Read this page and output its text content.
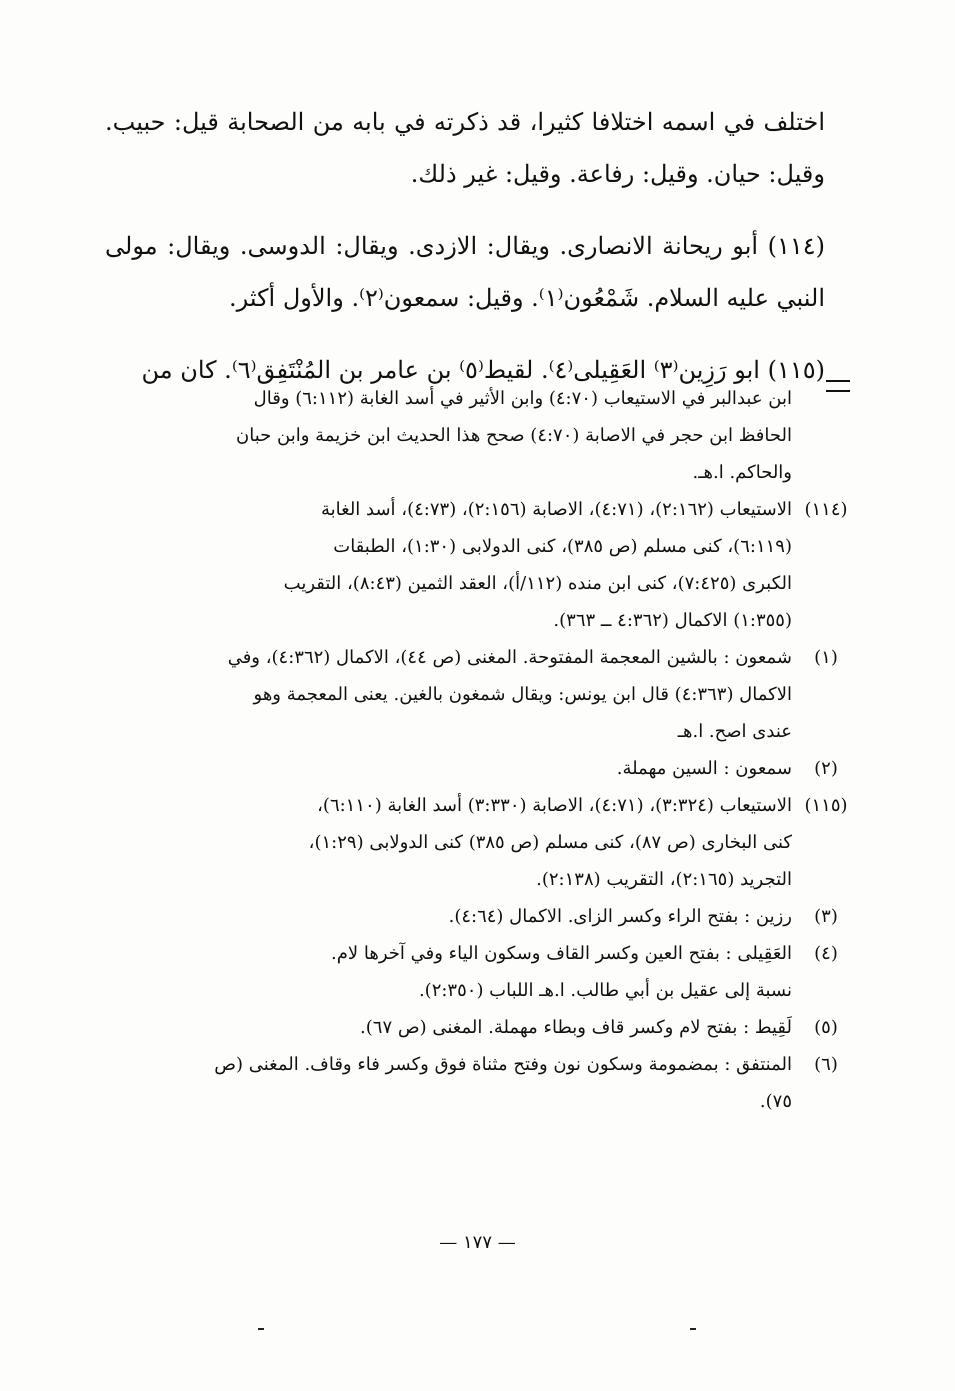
اختلف في اسمه اختلافا كثيرا، قد ذكرته في بابه من الصحابة قيل: حبيب. وقيل: حيان. وقيل: رفاعة. وقيل: غير ذلك.

(١١٤) أبو ريحانة الانصارى. ويقال: الازدى. ويقال: الدوسى. ويقال: مولى النبي عليه السلام. شَمْعُون⁽١⁾. وقيل: سمعون⁽٢⁾. والأول أكثر.

(١١٥) ابو رَزِين⁽٣⁾ العَقِيلى⁽٤⁾. لقيط⁽٥⁾ بن عامر بن المُنْتَفِق⁽٦⁾. كان من

ابن عبدالبر في الاستيعاب (٤:٧٠) وابن الأثير في أسد الغابة (٦:١١٢) وقال
الحافظ ابن حجر في الاصابة (٤:٧٠) صحح هذا الحديث ابن خزيمة وابن حبان
والحاكم. ا.هـ.
(١١٤)
الاستيعاب (٢:١٦٢)، (٤:٧١)، الاصابة (٢:١٥٦)، (٤:٧٣)، أسد الغابة
(٦:١١٩)، كنى مسلم (ص ٣٨٥)، كنى الدولابى (١:٣٠)، الطبقات
الكبرى (٧:٤٢٥)، كنى ابن منده (١١٢/أ)، العقد الثمين (٨:٤٣)، التقريب
(١:٣٥٥) الاكمال (٤:٣٦٢ ــ ٣٦٣).
(١)
شمعون : بالشين المعجمة المفتوحة. المغنى (ص ٤٤)، الاكمال (٤:٣٦٢)، وفي
الاكمال (٤:٣٦٣) قال ابن يونس: ويقال شمغون بالغين. يعنى المعجمة وهو
عندى اصح. ا.هـ
(٢)
سمعون : السين مهملة.
(١١٥)
الاستيعاب (٣:٣٢٤)، (٤:٧١)، الاصابة (٣:٣٣٠) أسد الغابة (٦:١١٠)،
كنى البخارى (ص ٨٧)، كنى مسلم (ص ٣٨٥) كنى الدولابى (١:٢٩)،
التجريد (٢:١٦٥)، التقريب (٢:١٣٨).
(٣)
رزين : بفتح الراء وكسر الزاى. الاكمال (٤:٦٤).
(٤)
العَقِيلى : بفتح العين وكسر القاف وسكون الياء وفي آخرها لام.
نسبة إلى عقيل بن أبي طالب. ا.هـ اللباب (٢:٣٥٠).
(٥)
لَقِيط : بفتح لام وكسر قاف وبطاء مهملة. المغنى (ص ٦٧).
(٦)
المنتفق : بمضمومة وسكون نون وفتح مثناة فوق وكسر فاء وقاف. المغنى (ص
٧٥).
— ١٧٧ —
